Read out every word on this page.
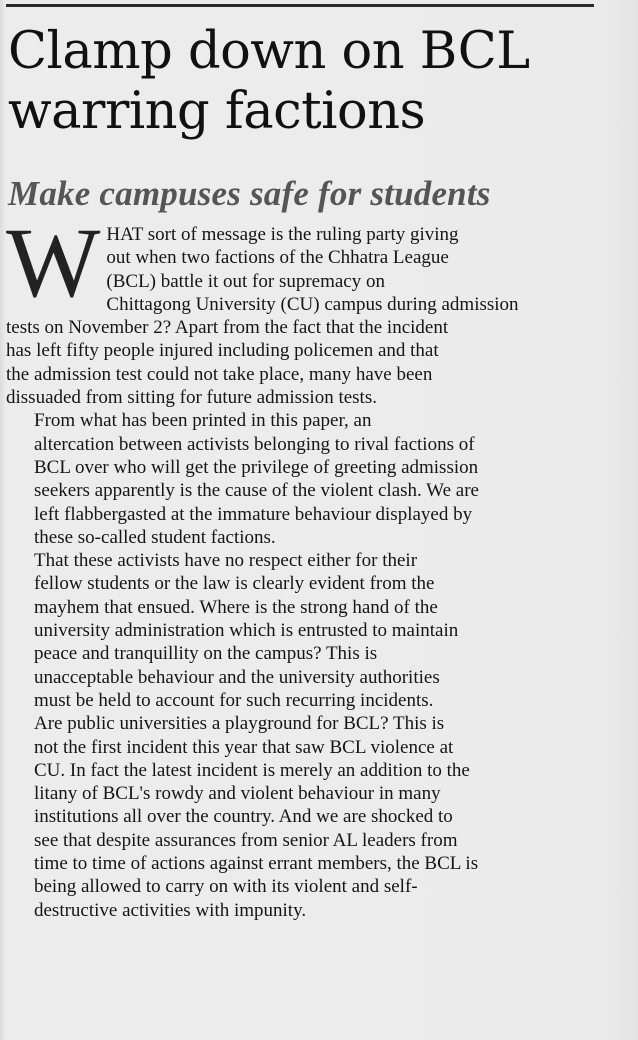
Clamp down on BCL
warring factions
Make campuses safe for students
W HAT sort of message is the ruling party giving
out when two factions of the Chhatra League
(BCL) battle it out for supremacy on
Chittagong University (CU) campus during admission
tests on November 2? Apart from the fact that the incident
has left fifty people injured including policemen and that
the admission test could not take place, many have been
dissuaded from sitting for future admission tests.

From what has been printed in this paper, an
altercation between activists belonging to rival factions of
BCL over who will get the privilege of greeting admission
seekers apparently is the cause of the violent clash. We are
left flabbergasted at the immature behaviour displayed by
these so-called student factions.

That these activists have no respect either for their
fellow students or the law is clearly evident from the
mayhem that ensued. Where is the strong hand of the
university administration which is entrusted to maintain
peace and tranquillity on the campus? This is
unacceptable behaviour and the university authorities
must be held to account for such recurring incidents.

Are public universities a playground for BCL? This is
not the first incident this year that saw BCL violence at
CU. In fact the latest incident is merely an addition to the
litany of BCL's rowdy and violent behaviour in many
institutions all over the country. And we are shocked to
see that despite assurances from senior AL leaders from
time to time of actions against errant members, the BCL is
being allowed to carry on with its violent and self-
destructive activities with impunity.
